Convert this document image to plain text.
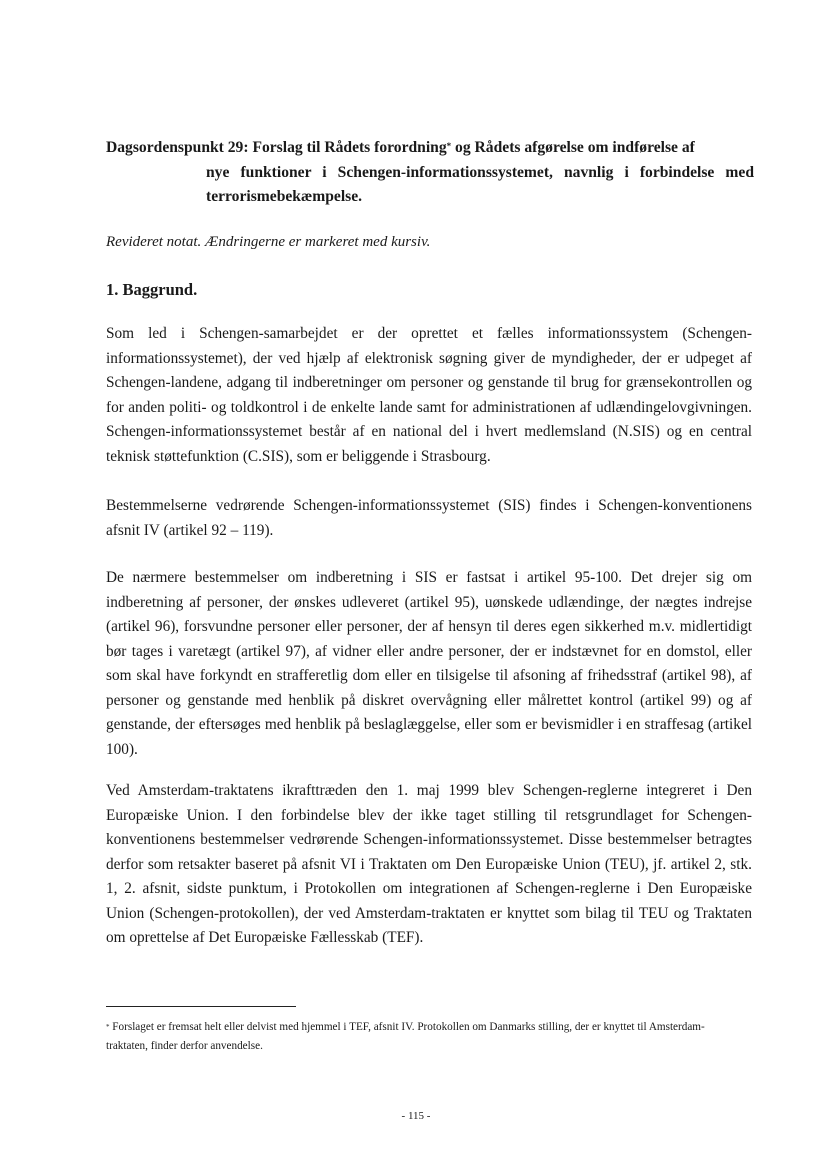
Dagsordenspunkt 29: Forslag til Rådets forordning* og Rådets afgørelse om indførelse af
nye funktioner i Schengen-informationssystemet, navnlig i forbindelse med terrorismebekæmpelse.
Revideret notat. Ændringerne er markeret med kursiv.
1. Baggrund.

Som led i Schengen-samarbejdet er der oprettet et fælles informationssystem (Schengen-informationssystemet), der ved hjælp af elektronisk søgning giver de myndigheder, der er udpeget af Schengen-landene, adgang til indberetninger om personer og genstande til brug for grænsekontrollen og for anden politi- og toldkontrol i de enkelte lande samt for administrationen af udlændingelovgivningen. Schengen-informationssystemet består af en national del i hvert medlemsland (N.SIS) og en central teknisk støttefunktion (C.SIS), som er beliggende i Strasbourg.

Bestemmelserne vedrørende Schengen-informationssystemet (SIS) findes i Schengen-konventionens afsnit IV (artikel 92 – 119).

De nærmere bestemmelser om indberetning i SIS er fastsat i artikel 95-100. Det drejer sig om indberetning af personer, der ønskes udleveret (artikel 95), uønskede udlændinge, der nægtes indrejse (artikel 96), forsvundne personer eller personer, der af hensyn til deres egen sikkerhed m.v. midlertidigt bør tages i varetægt (artikel 97), af vidner eller andre personer, der er indstævnet for en domstol, eller som skal have forkyndt en strafferetlig dom eller en tilsigelse til afsoning af frihedsstraf (artikel 98), af personer og genstande med henblik på diskret overvågning eller målrettet kontrol (artikel 99) og af genstande, der eftersøges med henblik på beslaglæggelse, eller som er bevismidler i en straffesag (artikel 100).

Ved Amsterdam-traktatens ikrafttræden den 1. maj 1999 blev Schengen-reglerne integreret i Den Europæiske Union. I den forbindelse blev der ikke taget stilling til retsgrundlaget for Schengen-konventionens bestemmelser vedrørende Schengen-informationssystemet. Disse bestemmelser betragtes derfor som retsakter baseret på afsnit VI i Traktaten om Den Europæiske Union (TEU), jf. artikel 2, stk. 1, 2. afsnit, sidste punktum, i Protokollen om integrationen af Schengen-reglerne i Den Europæiske Union (Schengen-protokollen), der ved Amsterdam-traktaten er knyttet som bilag til TEU og Traktaten om oprettelse af Det Europæiske Fællesskab (TEF).

* Forslaget er fremsat helt eller delvist med hjemmel i TEF, afsnit IV. Protokollen om Danmarks stilling, der er knyttet til Amsterdam-traktaten, finder derfor anvendelse.
- 115 -
